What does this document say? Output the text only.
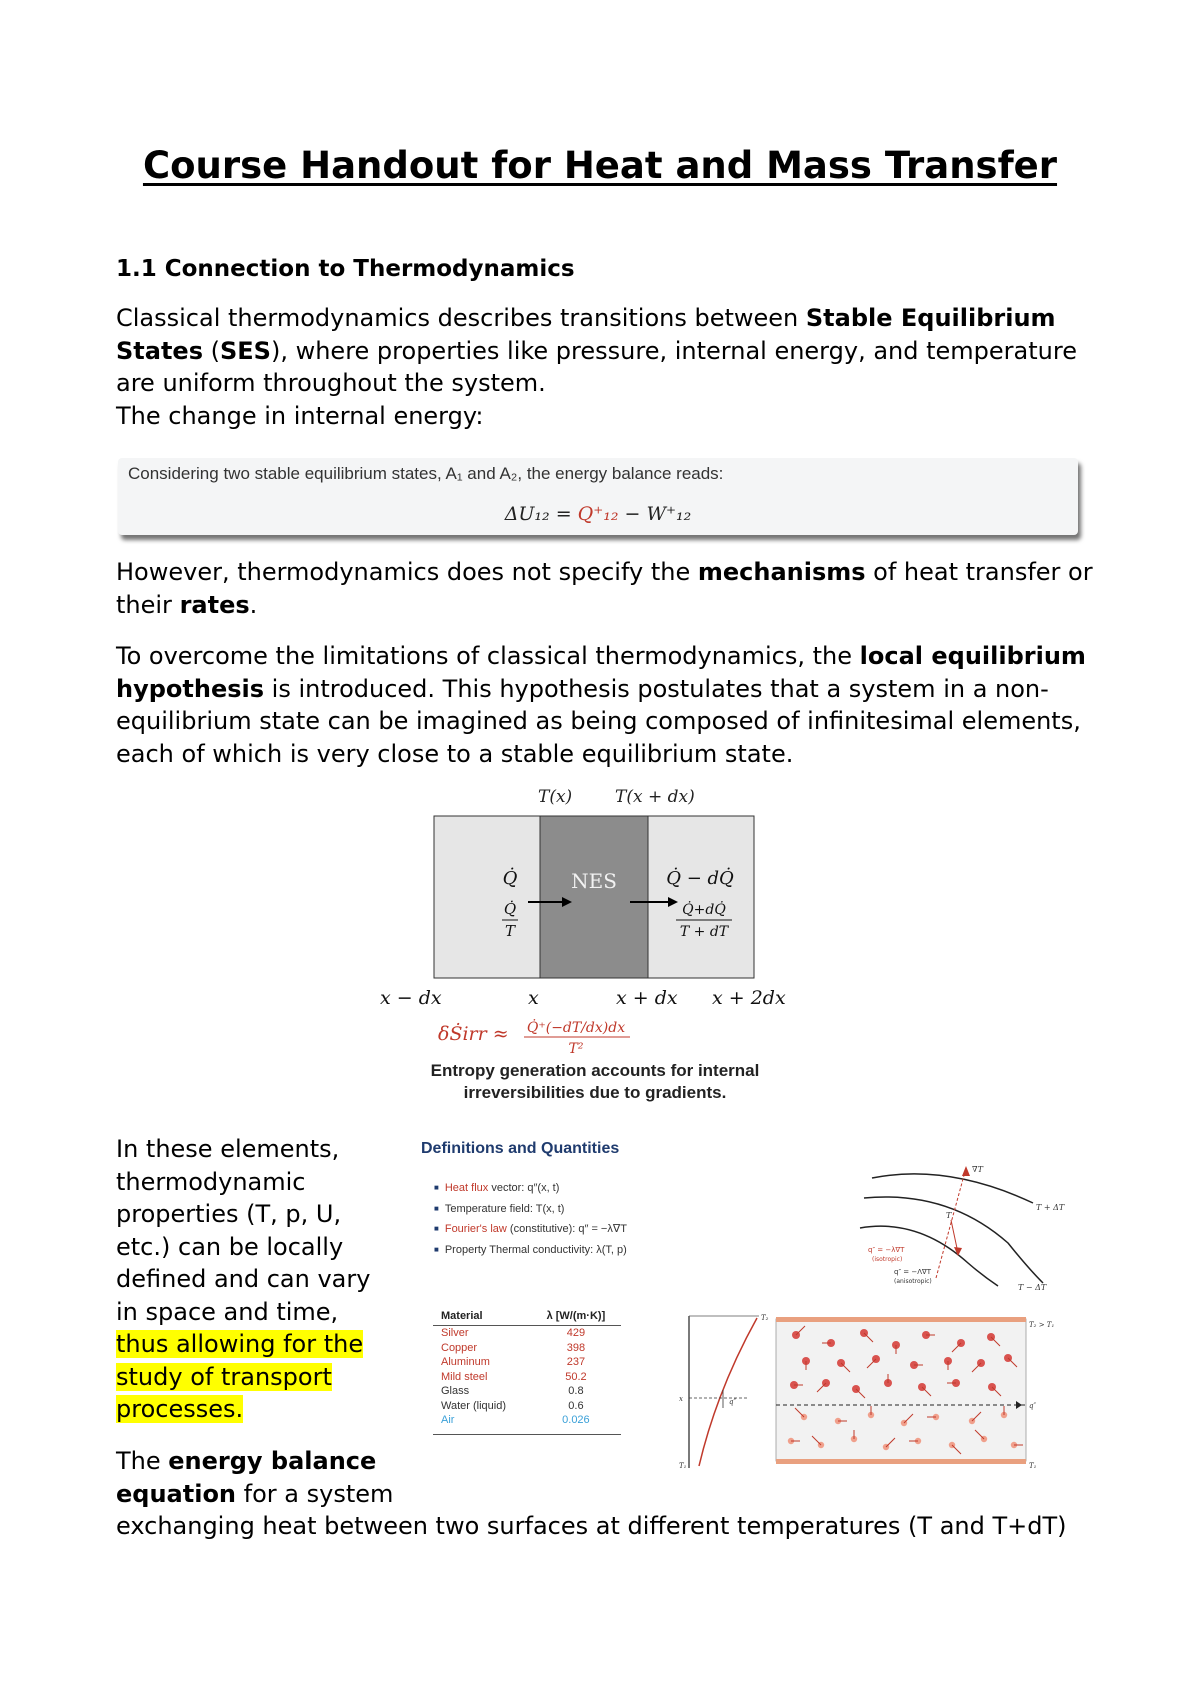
Course Handout for Heat and Mass Transfer
1.1 Connection to Thermodynamics
Classical thermodynamics describes transitions between Stable Equilibrium States (SES), where properties like pressure, internal energy, and temperature are uniform throughout the system.
The change in internal energy:
Considering two stable equilibrium states, A₁ and A₂, the energy balance reads:
ΔU₁₂ = Q⁺₁₂ − W⁺₁₂
However, thermodynamics does not specify the mechanisms of heat transfer or their rates.
To overcome the limitations of classical thermodynamics, the local equilibrium hypothesis is introduced. This hypothesis postulates that a system in a non-equilibrium state can be imagined as being composed of infinitesimal elements, each of which is very close to a stable equilibrium state.
T(x)	T(x + dx)
NES
Q̇
Q̇
T
Q̇ − dQ̇
Q̇+dQ̇
T + dT
x − dx	x	x + dx x + 2dx
δṠirr ≈ Q̇⁺(−dT/dx)dx
T²
Entropy generation accounts for internal
irreversibilities due to gradients.
In these elements, thermodynamic properties (T, p, U, etc.) can be locally defined and can vary in space and time, thus allowing for the study of transport processes.
The energy balance equation for a system
exchanging heat between two surfaces at different temperatures (T and T+dT)
Definitions and Quantities
■ Heat flux vector: q″(x, t)
■ Temperature field: T(x, t)
■ Fourier's law (constitutive): q″ = −λ∇T
■ Property Thermal conductivity: λ(T, p)
∇T
T + ΔT
T
T − ΔT
q″ = −λ∇T
(isotropic)
q″ = −Λ∇T
(anisotropic)
Material	λ [W/(m·K)]
Silver	429
Copper	398
Aluminum	237
Mild steel	50.2
Glass	0.8
Water (liquid)	0.6
Air	0.026
T₂
x
T₁
q″
T₂ > T₁
q″
T₁
